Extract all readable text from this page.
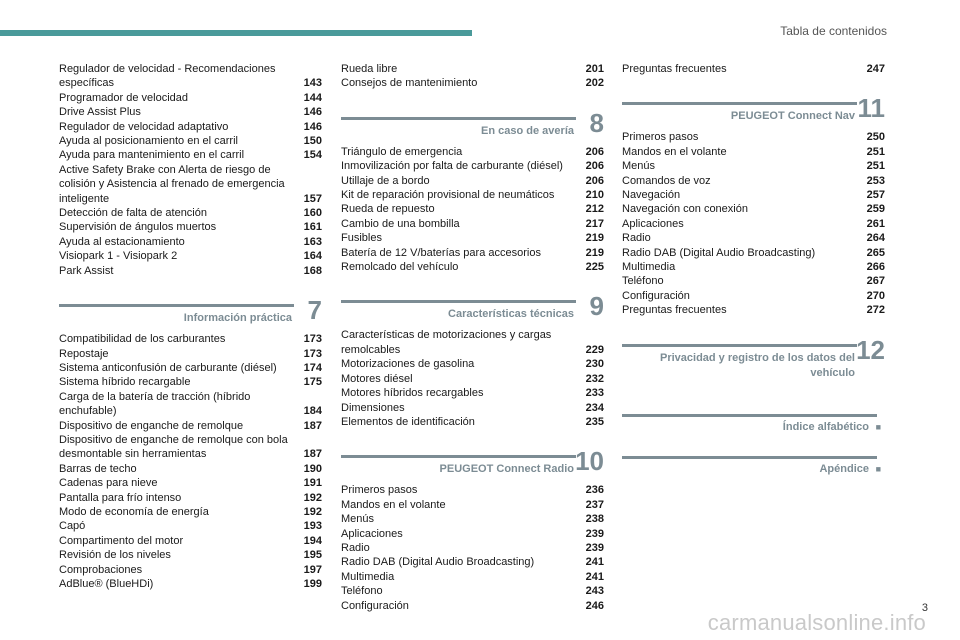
Tabla de contenidos
Regulador de velocidad - Recomendaciones específicas	143
Programador de velocidad	144
Drive Assist Plus	146
Regulador de velocidad adaptativo	146
Ayuda al posicionamiento en el carril	150
Ayuda para mantenimiento en el carril	154
Active Safety Brake con Alerta de riesgo de colisión y Asistencia al frenado de emergencia inteligente	157
Detección de falta de atención	160
Supervisión de ángulos muertos	161
Ayuda al estacionamiento	163
Visiopark 1 - Visiopark 2	164
Park Assist	168
Información práctica 7
Compatibilidad de los carburantes	173
Repostaje	173
Sistema anticonfusión de carburante (diésel)	174
Sistema híbrido recargable	175
Carga de la batería de tracción (híbrido enchufable)	184
Dispositivo de enganche de remolque	187
Dispositivo de enganche de remolque con bola desmontable sin herramientas	187
Barras de techo	190
Cadenas para nieve	191
Pantalla para frío intenso	192
Modo de economía de energía	192
Capó	193
Compartimento del motor	194
Revisión de los niveles	195
Comprobaciones	197
AdBlue® (BlueHDi)	199
Rueda libre	201
Consejos de mantenimiento	202
En caso de avería 8
Triángulo de emergencia	206
Inmovilización por falta de carburante (diésel)	206
Utillaje de a bordo	206
Kit de reparación provisional de neumáticos	210
Rueda de repuesto	212
Cambio de una bombilla	217
Fusibles	219
Batería de 12 V/baterías para accesorios	219
Remolcado del vehículo	225
Características técnicas 9
Características de motorizaciones y cargas remolcables	229
Motorizaciones de gasolina	230
Motores diésel	232
Motores híbridos recargables	233
Dimensiones	234
Elementos de identificación	235
PEUGEOT Connect Radio 10
Primeros pasos	236
Mandos en el volante	237
Menús	238
Aplicaciones	239
Radio	239
Radio DAB (Digital Audio Broadcasting)	241
Multimedia	241
Teléfono	243
Configuración	246
Preguntas frecuentes	247
PEUGEOT Connect Nav 11
Primeros pasos	250
Mandos en el volante	251
Menús	251
Comandos de voz	253
Navegación	257
Navegación con conexión	259
Aplicaciones	261
Radio	264
Radio DAB (Digital Audio Broadcasting)	265
Multimedia	266
Teléfono	267
Configuración	270
Preguntas frecuentes	272
Privacidad y registro de los datos del vehículo
12
Índice alfabético ■
Apéndice ■
3
carmanualsonline.info
